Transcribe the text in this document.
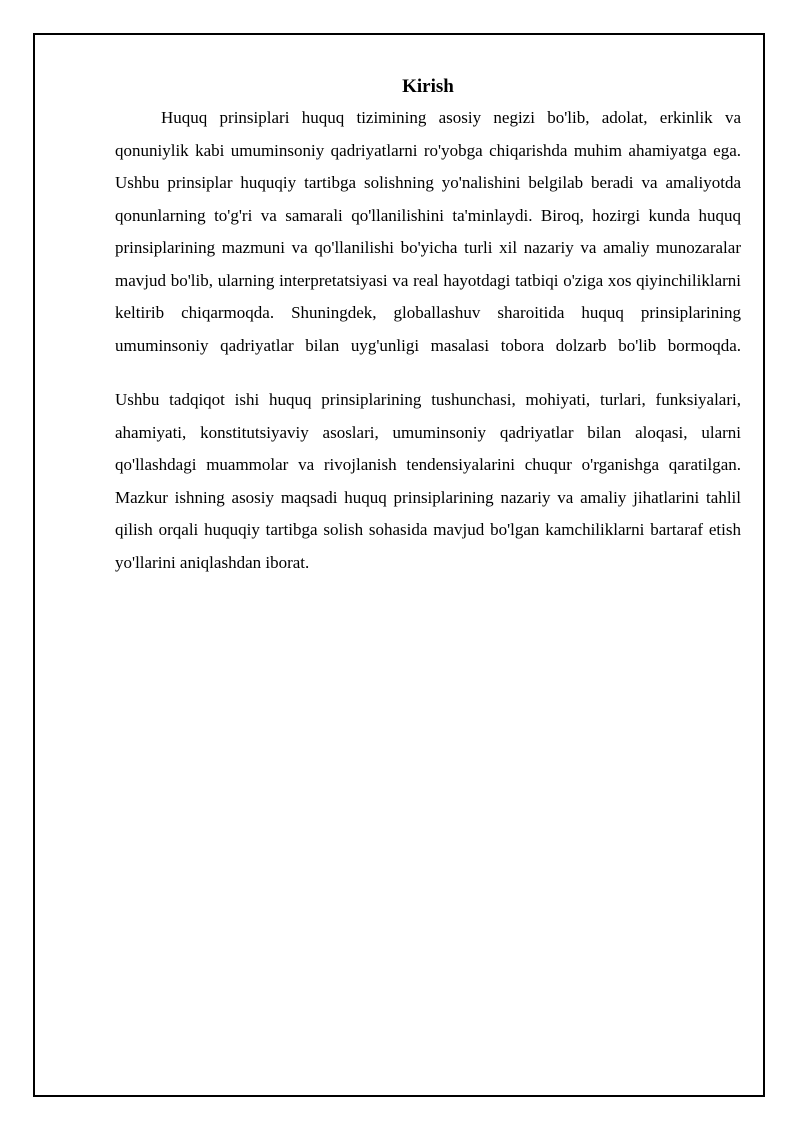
Kirish

Huquq prinsiplari huquq tizimining asosiy negizi bo'lib, adolat, erkinlik va qonuniylik kabi umuminsoniy qadriyatlarni ro'yobga chiqarishda muhim ahamiyatga ega. Ushbu prinsiplar huquqiy tartibga solishning yo'nalishini belgilab beradi va amaliyotda qonunlarning to'g'ri va samarali qo'llanilishini ta'minlaydi. Biroq, hozirgi kunda huquq prinsiplarining mazmuni va qo'llanilishi bo'yicha turli xil nazariy va amaliy munozaralar mavjud bo'lib, ularning interpretatsiyasi va real hayotdagi tatbiqi o'ziga xos qiyinchiliklarni keltirib chiqarmoqda. Shuningdek, globallashuv sharoitida huquq prinsiplarining umuminsoniy qadriyatlar bilan uyg'unligi masalasi tobora dolzarb bo'lib bormoqda.

Ushbu tadqiqot ishi huquq prinsiplarining tushunchasi, mohiyati, turlari, funksiyalari, ahamiyati, konstitutsiyaviy asoslari, umuminsoniy qadriyatlar bilan aloqasi, ularni qo'llashdagi muammolar va rivojlanish tendensiyalarini chuqur o'rganishga qaratilgan. Mazkur ishning asosiy maqsadi huquq prinsiplarining nazariy va amaliy jihatlarini tahlil qilish orqali huquqiy tartibga solish sohasida mavjud bo'lgan kamchiliklarni bartaraf etish yo'llarini aniqlashdan iborat.
